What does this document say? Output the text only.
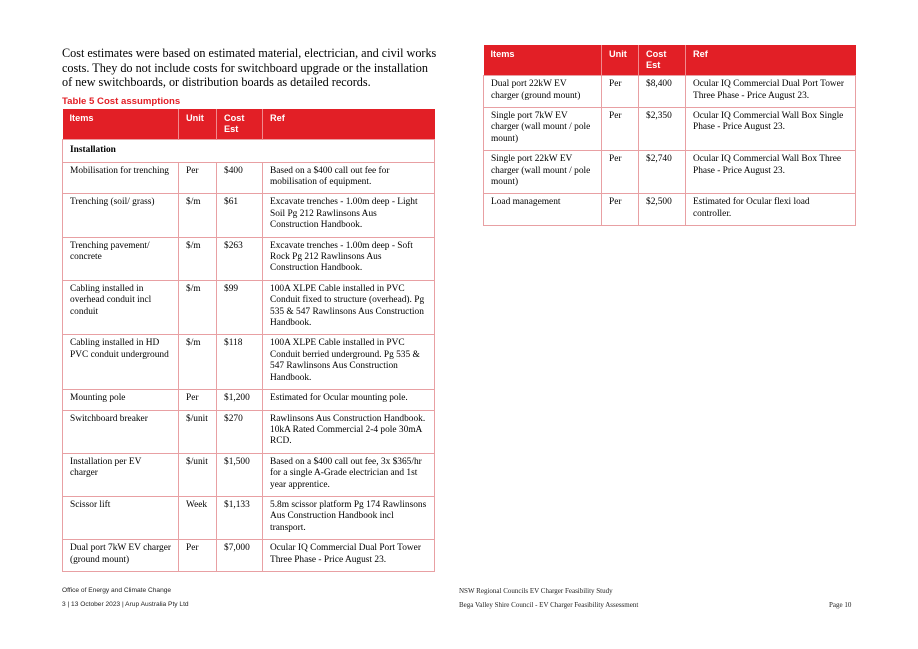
Cost estimates were based on estimated material, electrician, and civil works costs. They do not include costs for switchboard upgrade or the installation of new switchboards, or distribution boards as detailed records.

Table 5 Cost assumptions
Items	Unit	Cost Est	Ref
Installation			
Mobilisation for trenching	Per	$400	Based on a $400 call out fee for mobilisation of equipment.
Trenching (soil/ grass)	$/m	$61	Excavate trenches - 1.00m deep - Light Soil Pg 212 Rawlinsons Aus Construction Handbook.
Trenching pavement/ concrete	$/m	$263	Excavate trenches - 1.00m deep - Soft Rock Pg 212 Rawlinsons Aus Construction Handbook.
Cabling installed in overhead conduit incl conduit	$/m	$99	100A XLPE Cable installed in PVC Conduit fixed to structure (overhead). Pg 535 & 547 Rawlinsons Aus Construction Handbook.
Cabling installed in HD PVC conduit underground	$/m	$118	100A XLPE Cable installed in PVC Conduit berried underground. Pg 535 & 547 Rawlinsons Aus Construction Handbook.
Mounting pole	Per	$1,200	Estimated for Ocular mounting pole.
Switchboard breaker	$/unit	$270	Rawlinsons Aus Construction Handbook. 10kA Rated Commercial 2-4 pole 30mA RCD.
Installation per EV charger	$/unit	$1,500	Based on a $400 call out fee, 3x $365/hr for a single A-Grade electrician and 1st year apprentice.
Scissor lift	Week	$1,133	5.8m scissor platform Pg 174 Rawlinsons Aus Construction Handbook incl transport.
Dual port 7kW EV charger (ground mount)	Per	$7,000	Ocular IQ Commercial Dual Port Tower Three Phase - Price August 23.
Items	Unit	Cost Est	Ref
Dual port 22kW EV charger (ground mount)	Per	$8,400	Ocular IQ Commercial Dual Port Tower Three Phase - Price August 23.
Single port 7kW EV charger (wall mount / pole mount)	Per	$2,350	Ocular IQ Commercial Wall Box Single Phase - Price August 23.
Single port 22kW EV charger (wall mount / pole mount)	Per	$2,740	Ocular IQ Commercial Wall Box Three Phase - Price August 23.
Load management	Per	$2,500	Estimated for Ocular flexi load controller.
Office of Energy and Climate Change
3 | 13 October 2023 | Arup Australia Pty Ltd
NSW Regional Councils EV Charger Feasibility Study
Bega Valley Shire Council - EV Charger Feasibility Assessment	Page 10
